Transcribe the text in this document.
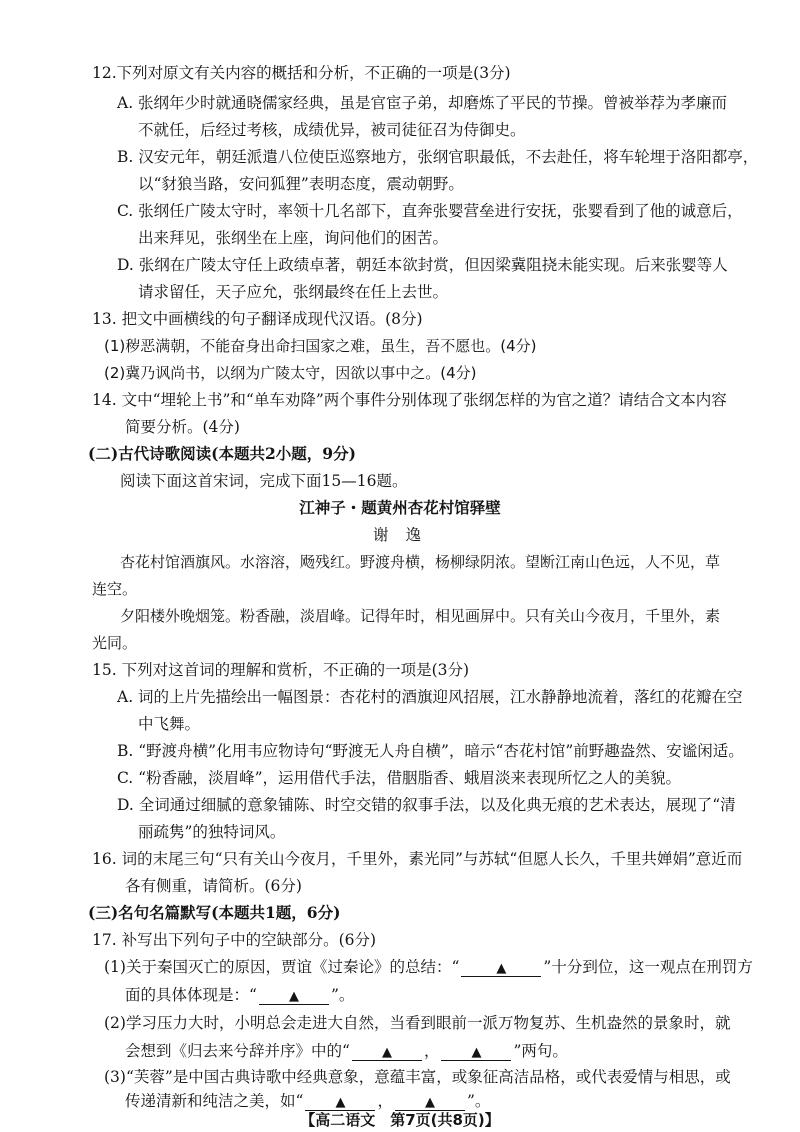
12.下列对原文有关内容的概括和分析，不正确的一项是(3分)
A. 张纲年少时就通晓儒家经典，虽是官宦子弟，却磨炼了平民的节操。曾被举荐为孝廉而
不就任，后经过考核，成绩优异，被司徒征召为侍御史。
B. 汉安元年，朝廷派遣八位使臣巡察地方，张纲官职最低，不去赴任，将车轮埋于洛阳都亭，
以“豺狼当路，安问狐狸”表明态度，震动朝野。
C. 张纲任广陵太守时，率领十几名部下，直奔张婴营垒进行安抚，张婴看到了他的诚意后，
出来拜见，张纲坐在上座，询问他们的困苦。
D. 张纲在广陵太守任上政绩卓著，朝廷本欲封赏，但因梁冀阻挠未能实现。后来张婴等人
请求留任，天子应允，张纲最终在任上去世。
13. 把文中画横线的句子翻译成现代汉语。(8分)
(1)秽恶满朝，不能奋身出命扫国家之难，虽生，吾不愿也。(4分)
(2)冀乃讽尚书，以纲为广陵太守，因欲以事中之。(4分)
14. 文中“埋轮上书”和“单车劝降”两个事件分别体现了张纲怎样的为官之道？请结合文本内容
简要分析。(4分)
(二)古代诗歌阅读(本题共2小题，9分)
阅读下面这首宋词，完成下面15—16题。
江神子・题黄州杏花村馆驿壁
谢 逸
杏花村馆酒旗风。水溶溶，飏残红。野渡舟横，杨柳绿阴浓。望断江南山色远，人不见，草
连空。
夕阳楼外晚烟笼。粉香融，淡眉峰。记得年时，相见画屏中。只有关山今夜月，千里外，素
光同。
15. 下列对这首词的理解和赏析，不正确的一项是(3分)
A. 词的上片先描绘出一幅图景：杏花村的酒旗迎风招展，江水静静地流着，落红的花瓣在空
中飞舞。
B. “野渡舟横”化用韦应物诗句“野渡无人舟自横”，暗示“杏花村馆”前野趣盎然、安谧闲适。
C. “粉香融，淡眉峰”，运用借代手法，借胭脂香、蛾眉淡来表现所忆之人的美貌。
D. 全词通过细腻的意象铺陈、时空交错的叙事手法，以及化典无痕的艺术表达，展现了“清
丽疏隽”的独特词风。
16. 词的末尾三句“只有关山今夜月，千里外，素光同”与苏轼“但愿人长久，千里共婵娟”意近而
各有侧重，请简析。(6分)
(三)名句名篇默写(本题共1题，6分)
17. 补写出下列句子中的空缺部分。(6分)
(1)关于秦国灭亡的原因，贾谊《过秦论》的总结：“	▲ ”十分到位，这一观点在刑罚方
面的具体体现是：“ ▲ ”。
(2)学习压力大时，小明总会走进大自然，当看到眼前一派万物复苏、生机盎然的景象时，就
会想到《归去来兮辞并序》中的“ ▲ ， ▲ ”两句。
(3)“芙蓉”是中国古典诗歌中经典意象，意蕴丰富，或象征高洁品格，或代表爱情与相思，或
传递清新和纯洁之美，如“ ▲ ， ▲ ”。
【高二语文　第7页(共8页)】
